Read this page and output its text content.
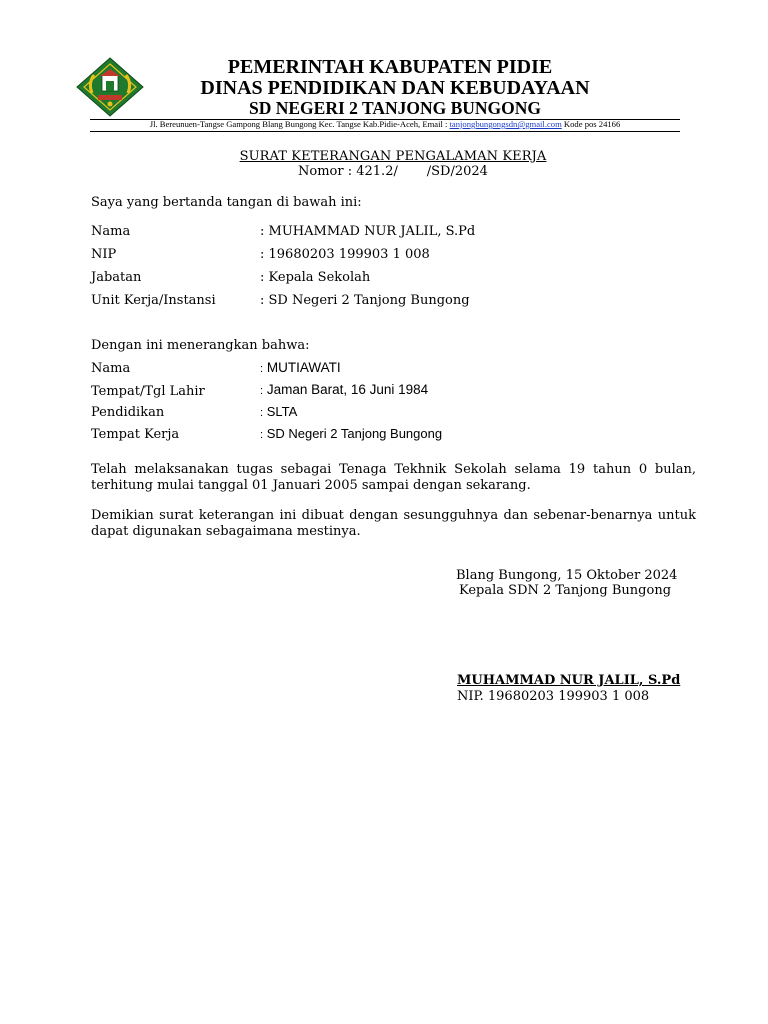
PEMERINTAH KABUPATEN PIDIE
DINAS PENDIDIKAN DAN KEBUDAYAAN
SD NEGERI 2 TANJONG BUNGONG
Jl. Bereunuen-Tangse Gampong Blang Bungong Kec. Tangse Kab.Pidie-Aceh, Email : tanjongbungongsdn@gmail.com Kode pos 24166
SURAT KETERANGAN PENGALAMAN KERJA
Nomor : 421.2/       /SD/2024
Saya yang bertanda tangan di bawah ini:
Nama	: MUHAMMAD NUR JALIL, S.Pd
NIP	: 19680203 199903 1 008
Jabatan	: Kepala Sekolah
Unit Kerja/Instansi	: SD Negeri 2 Tanjong Bungong
Dengan ini menerangkan bahwa:
Nama	: MUTIAWATI
Tempat/Tgl Lahir	: Jaman Barat, 16 Juni 1984
Pendidikan	: SLTA
Tempat Kerja	: SD Negeri 2 Tanjong Bungong
Telah melaksanakan tugas sebagai Tenaga Tekhnik Sekolah selama 19 tahun 0 bulan, terhitung mulai tanggal 01 Januari 2005 sampai dengan sekarang.
Demikian surat keterangan ini dibuat dengan sesungguhnya dan sebenar-benarnya untuk dapat digunakan sebagaimana mestinya.
Blang Bungong, 15 Oktober 2024
Kepala SDN 2 Tanjong Bungong
MUHAMMAD NUR JALIL, S.Pd
NIP. 19680203 199903 1 008
